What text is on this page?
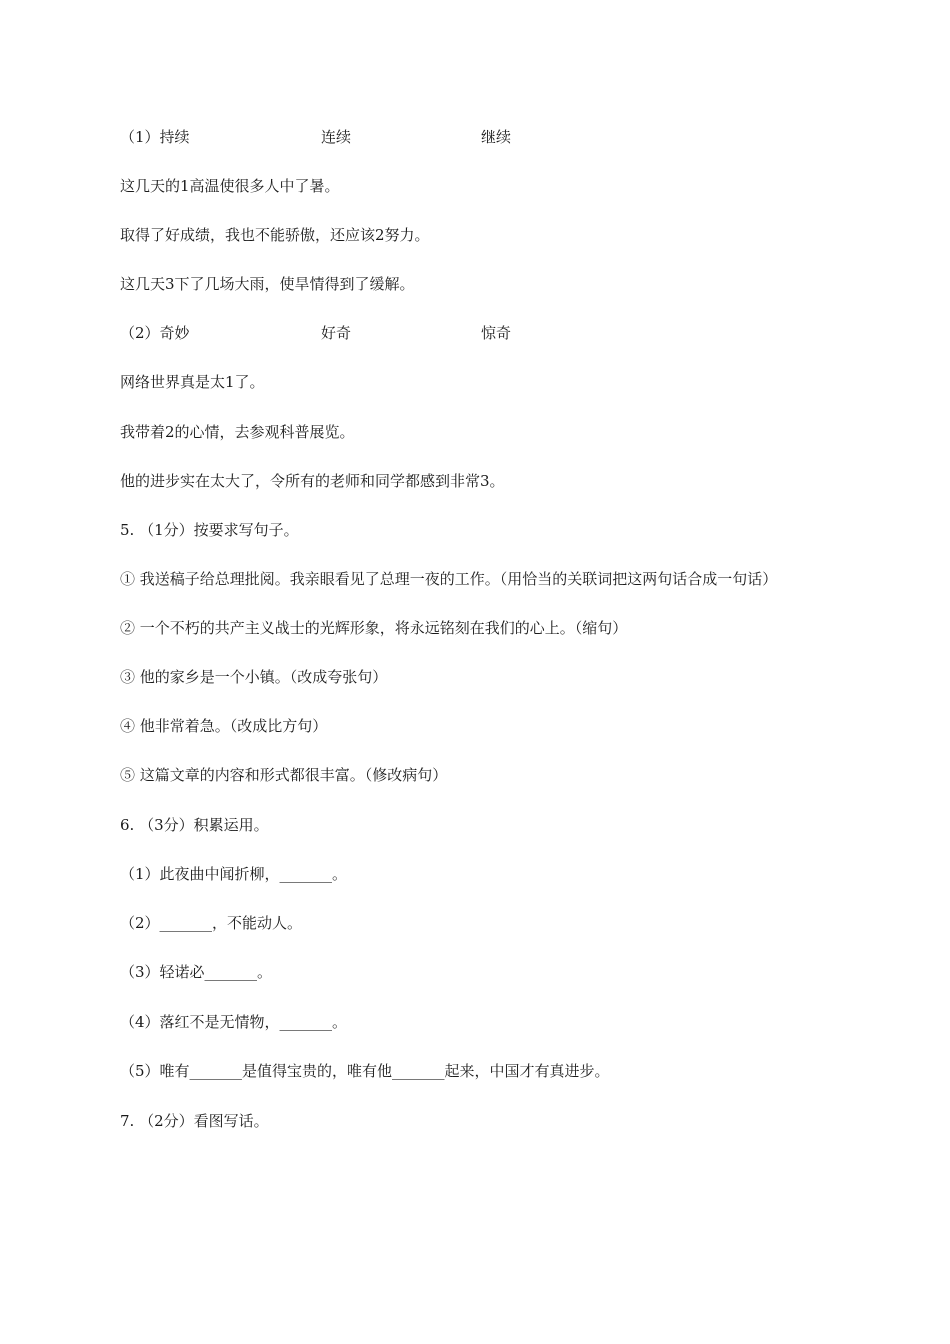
（1）持续	连续	继续
这几天的1高温使很多人中了暑。
取得了好成绩，我也不能骄傲，还应该2努力。
这几天3下了几场大雨，使旱情得到了缓解。
（2）奇妙	好奇	惊奇
网络世界真是太1了。
我带着2的心情，去参观科普展览。
他的进步实在太大了，令所有的老师和同学都感到非常3。
5. （1分）按要求写句子。
① 我送稿子给总理批阅。我亲眼看见了总理一夜的工作。（用恰当的关联词把这两句话合成一句话）
② 一个不朽的共产主义战士的光辉形象，将永远铭刻在我们的心上。（缩句）
③ 他的家乡是一个小镇。（改成夸张句）
④ 他非常着急。（改成比方句）
⑤ 这篇文章的内容和形式都很丰富。（修改病句）
6. （3分）积累运用。
（1）此夜曲中闻折柳，_______。
（2）_______，不能动人。
（3）轻诺必_______。
（4）落红不是无情物，_______。
（5）唯有_______是值得宝贵的，唯有他_______起来，中国才有真进步。
7. （2分）看图写话。
